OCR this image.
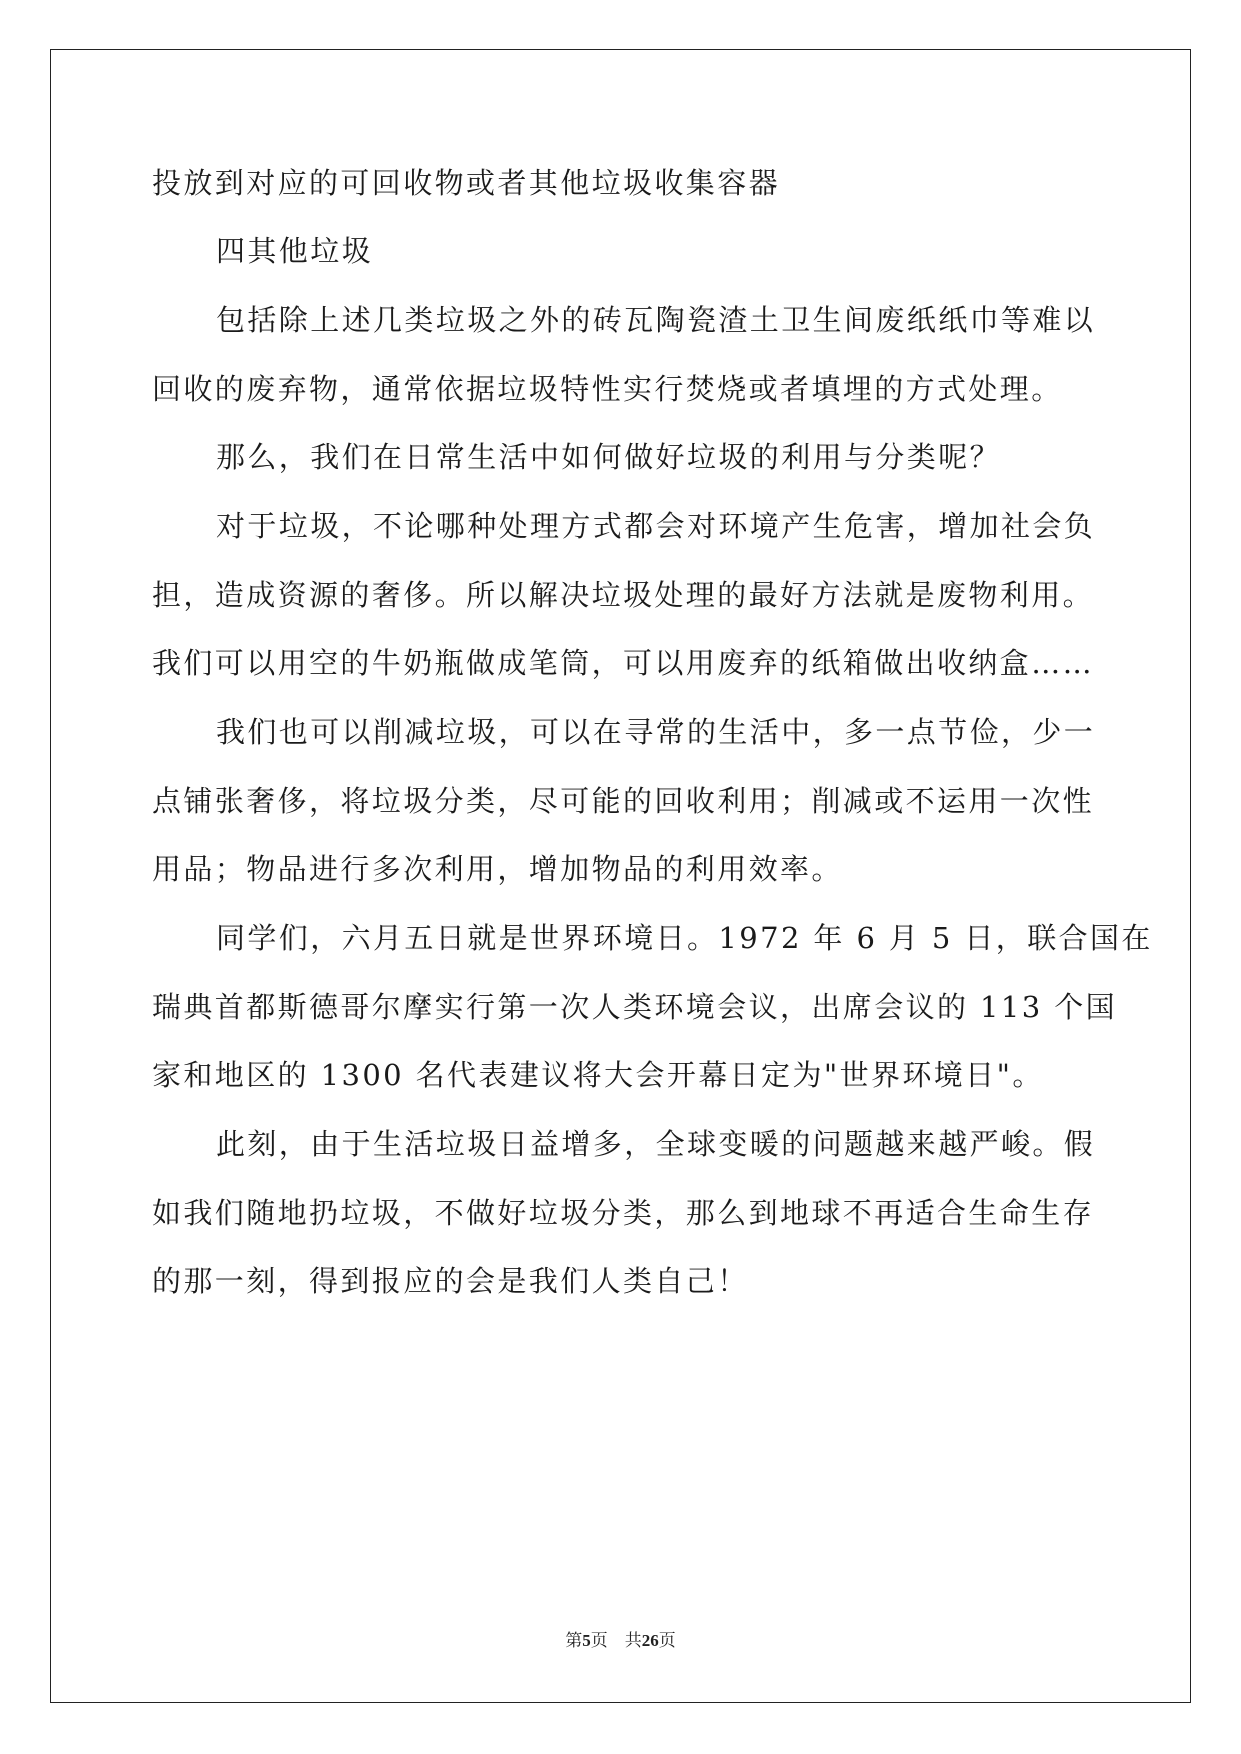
投放到对应的可回收物或者其他垃圾收集容器
四其他垃圾
包括除上述几类垃圾之外的砖瓦陶瓷渣土卫生间废纸纸巾等难以
回收的废弃物，通常依据垃圾特性实行焚烧或者填埋的方式处理。
那么，我们在日常生活中如何做好垃圾的利用与分类呢？
对于垃圾，不论哪种处理方式都会对环境产生危害，增加社会负
担，造成资源的奢侈。所以解决垃圾处理的最好方法就是废物利用。
我们可以用空的牛奶瓶做成笔筒，可以用废弃的纸箱做出收纳盒……
我们也可以削减垃圾，可以在寻常的生活中，多一点节俭，少一
点铺张奢侈，将垃圾分类，尽可能的回收利用；削减或不运用一次性
用品；物品进行多次利用，增加物品的利用效率。
同学们，六月五日就是世界环境日。1972 年 6 月 5 日，联合国在
瑞典首都斯德哥尔摩实行第一次人类环境会议，出席会议的 113 个国
家和地区的 1300 名代表建议将大会开幕日定为"世界环境日"。
此刻，由于生活垃圾日益增多，全球变暖的问题越来越严峻。假
如我们随地扔垃圾，不做好垃圾分类，那么到地球不再适合生命生存
的那一刻，得到报应的会是我们人类自己！
第5页 共26页
